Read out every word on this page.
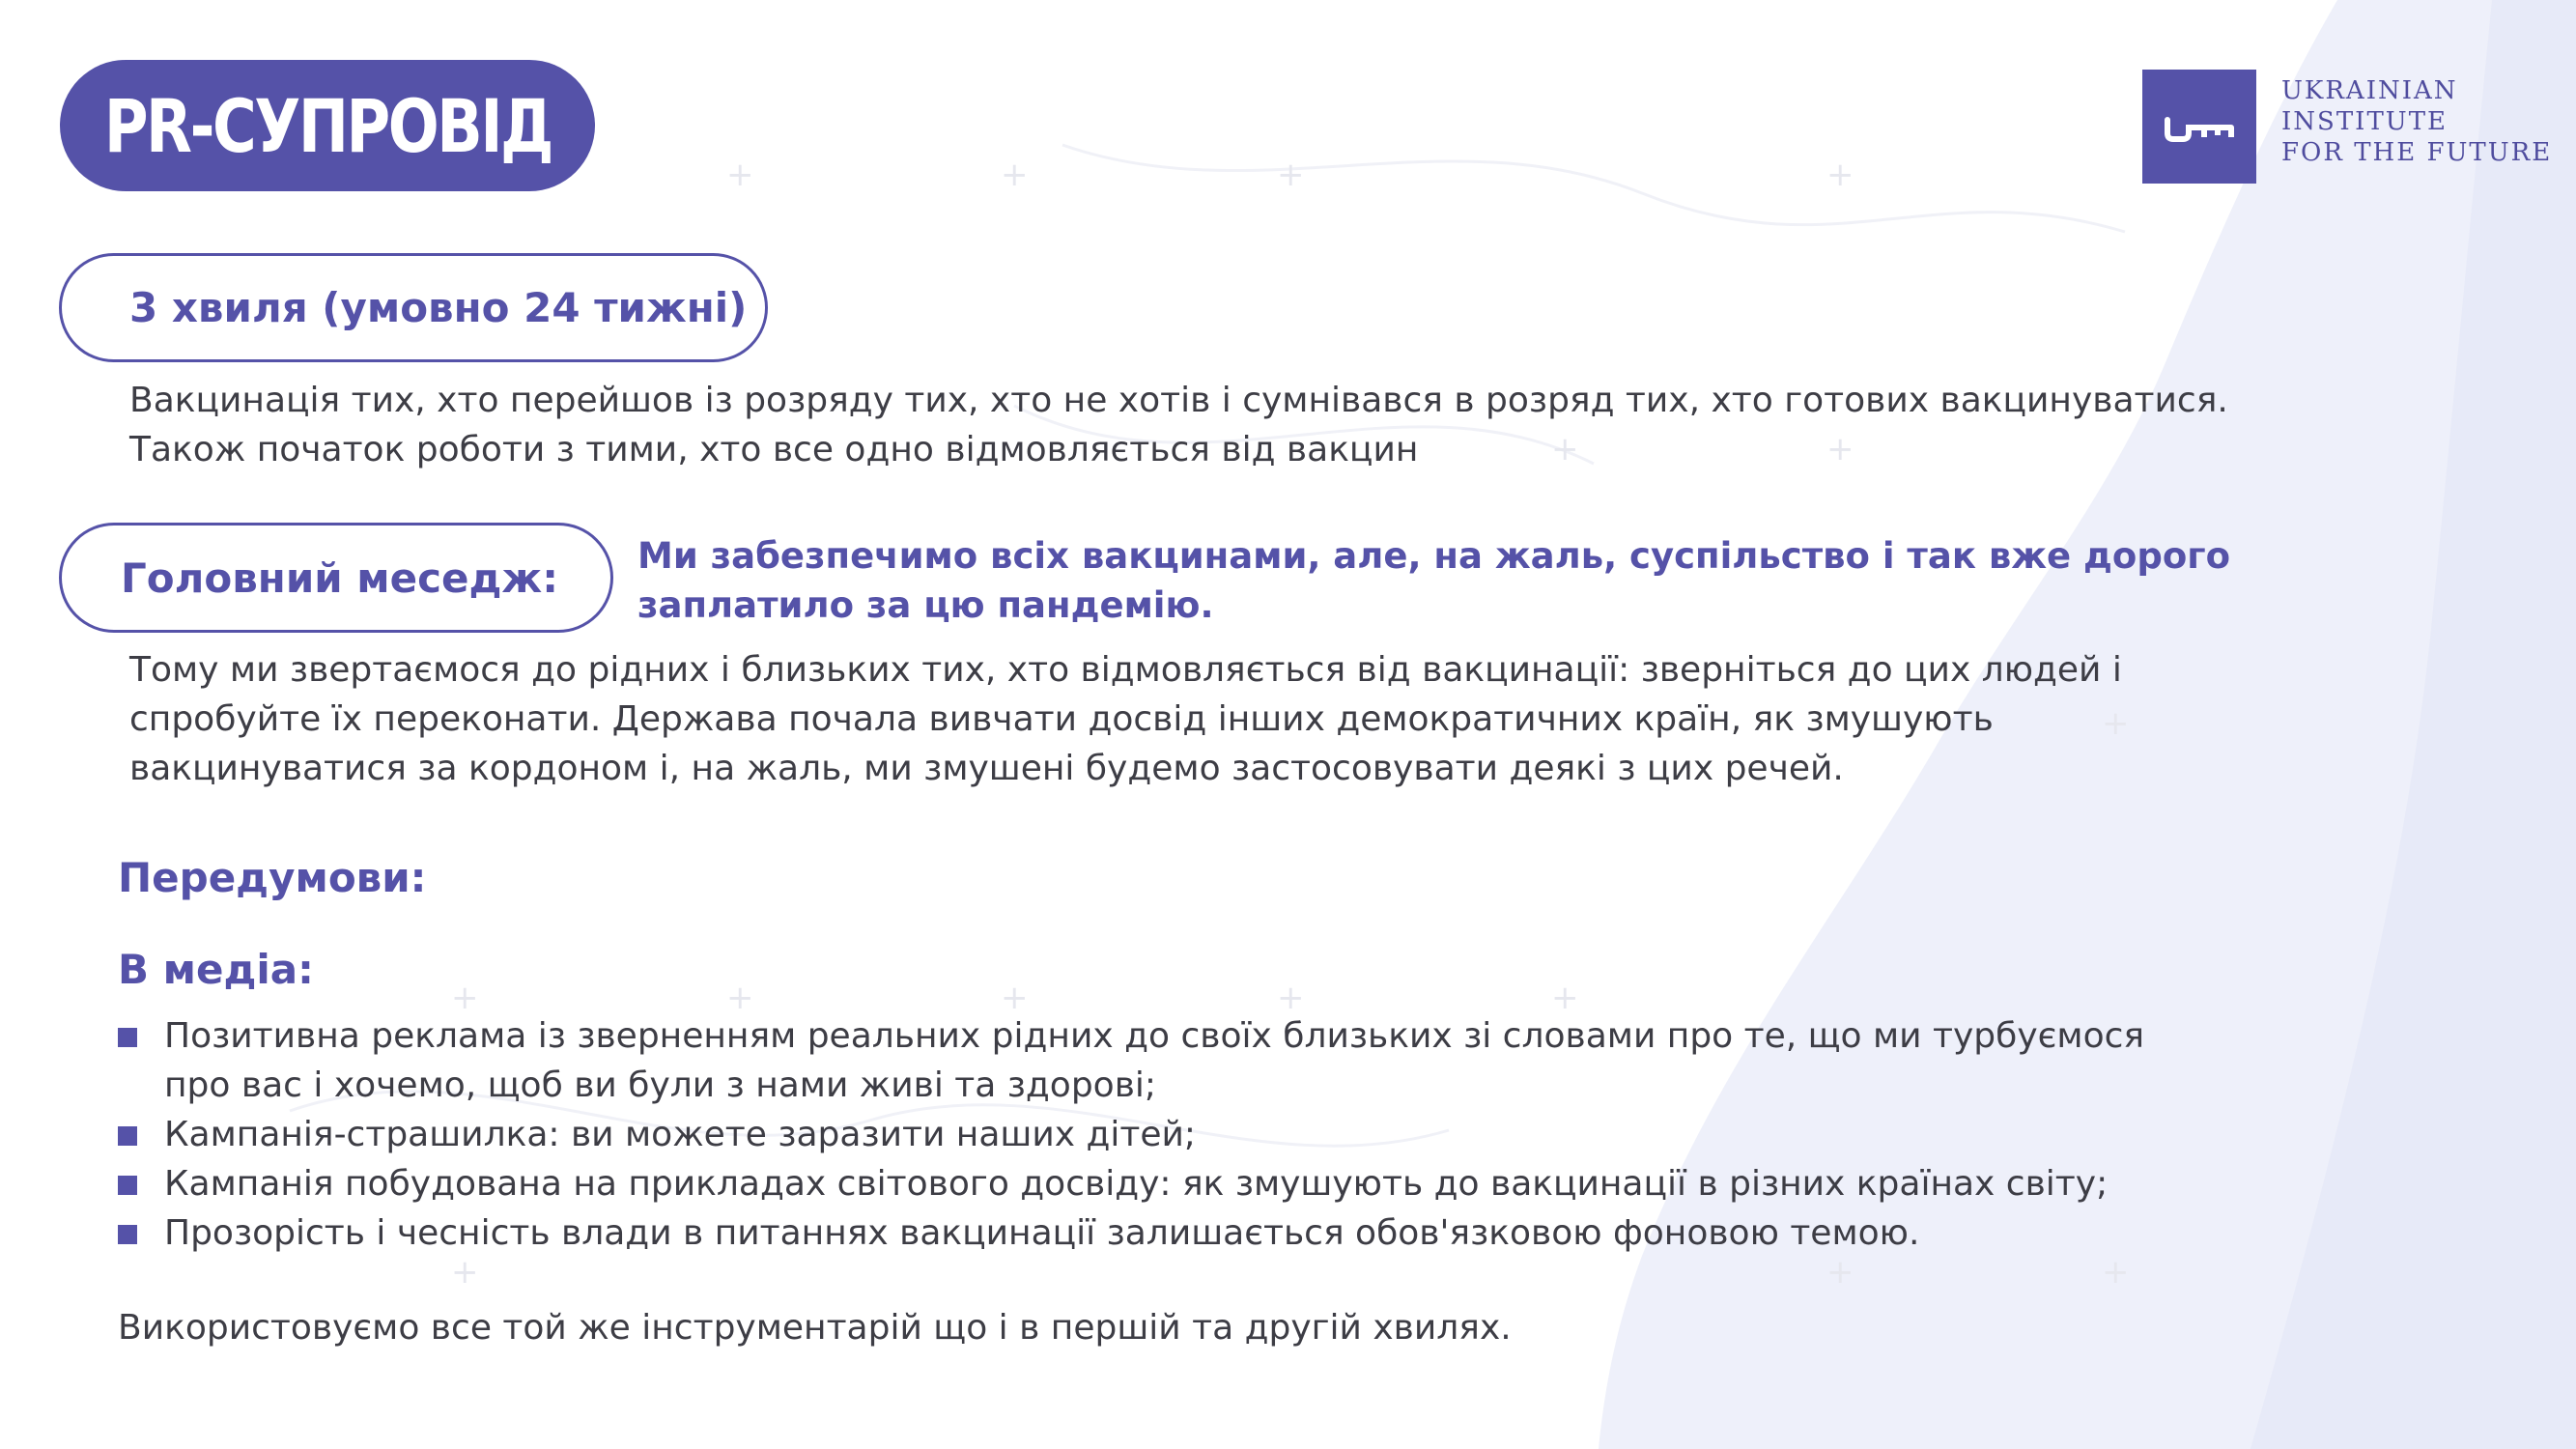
+	+	+	+
+	+
+
+	+	+	+	+
+	+	+
PR-СУПРОВІД	UKRAINIAN
INSTITUTE
FOR THE FUTURE
3 хвиля (умовно 24 тижні)
Вакцинація тих, хто перейшов із розряду тих, хто не хотів і сумнівався в розряд тих, хто готових вакцинуватися.
Також початок роботи з тими, хто все одно відмовляється від вакцин
Головний меседж: Ми забезпечимо всіх вакцинами, але, на жаль, суспільство і так вже дорого
заплатило за цю пандемію.
Тому ми звертаємося до рідних і близьких тих, хто відмовляється від вакцинації: зверніться до цих людей і
спробуйте їх переконати. Держава почала вивчати досвід інших демократичних країн, як змушують
вакцинуватися за кордоном і, на жаль, ми змушені будемо застосовувати деякі з цих речей.
Передумови:
В медіа:
Позитивна реклама із зверненням реальних рідних до своїх близьких зі словами про те, що ми турбуємося
про вас і хочемо, щоб ви були з нами живі та здорові;
Кампанія-страшилка: ви можете заразити наших дітей;
Кампанія побудована на прикладах світового досвіду: як змушують до вакцинації в різних країнах світу;
Прозорість і чесність влади в питаннях вакцинації залишається обов'язковою фоновою темою.
Використовуємо все той же інструментарій що і в першій та другій хвилях.
